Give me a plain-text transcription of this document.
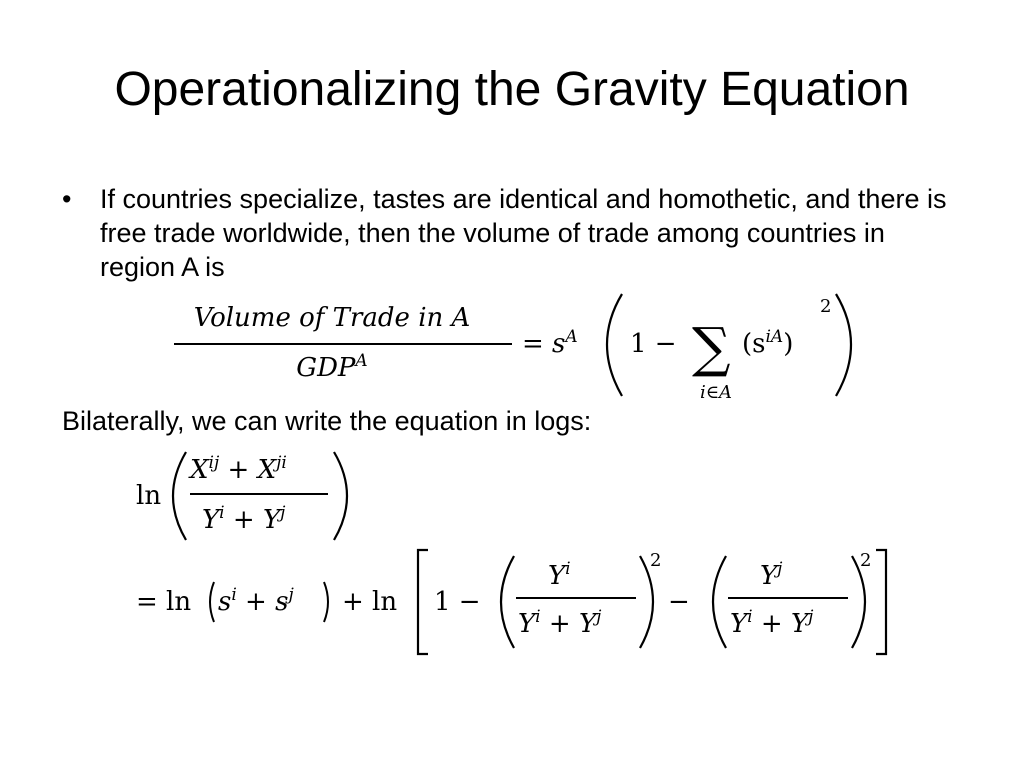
Operationalizing the Gravity Equation
• If countries specialize, tastes are identical and homothetic, and there is free trade worldwide, then the volume of trade among countries in region A is
Volume of Trade in A
$GDP^A$
= $s^A$ 1 − ∑
i∈A
$(s^{iA})$
2
Bilaterally, we can write the equation in logs:
ln
$X^{ij} + X^{ji}$
$Y^i + Y^j$
= $\ln s^i + s^j + \ln 1$ −
$Y^i$
$Y^i + Y^j$
2
−
$Y^j$
$Y^i + Y^j$
2
